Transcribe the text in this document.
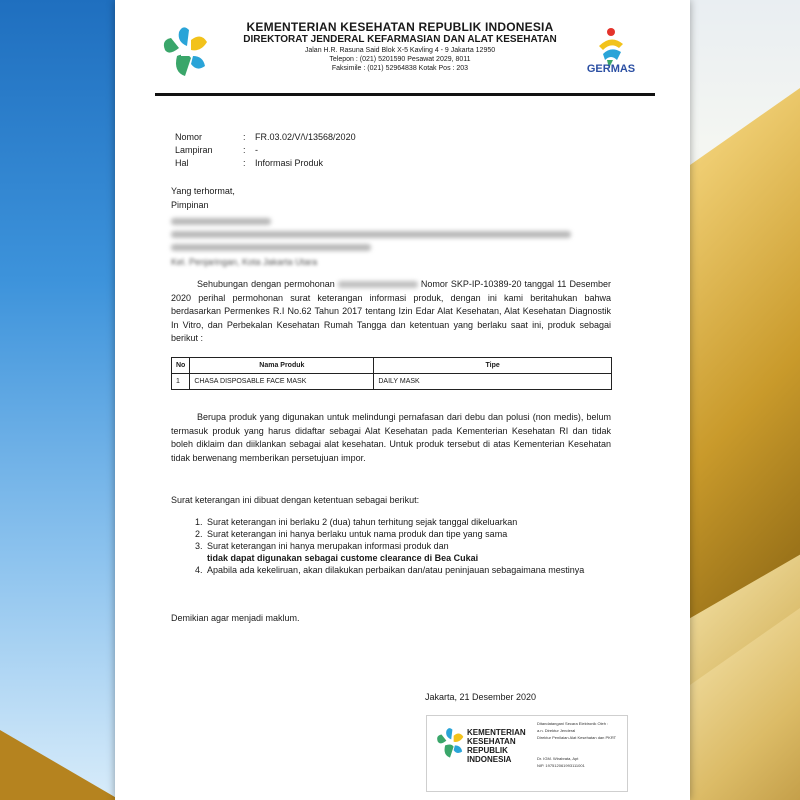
KEMENTERIAN KESEHATAN REPUBLIK INDONESIA
DIREKTORAT JENDERAL KEFARMASIAN DAN ALAT KESEHATAN
Jalan H.R. Rasuna Said Blok X-5 Kavling 4 - 9 Jakarta 12950
Telepon : (021) 5201590 Pesawat 2029, 8011
Faksimile : (021) 52964838 Kotak Pos : 203	GERMAS
Nomor	:	FR.03.02/V/\/13568/2020
Lampiran	:	-
Hal	:	Informasi Produk
Yang terhormat,
Pimpinan
Kel. Penjaringan, Kota Jakarta Utara
Sehubungan dengan permohonan	Nomor SKP-IP-10389-20 tanggal 11 Desember 2020 perihal permohonan surat keterangan informasi produk, dengan ini kami beritahukan bahwa berdasarkan Permenkes R.I No.62 Tahun 2017 tentang Izin Edar Alat Kesehatan, Alat Kesehatan Diagnostik In Vitro, dan Perbekalan Kesehatan Rumah Tangga dan ketentuan yang berlaku saat ini, produk sebagai berikut :
No	Nama Produk	Tipe
1	CHASA DISPOSABLE FACE MASK	DAILY MASK
Berupa produk yang digunakan untuk melindungi pernafasan dari debu dan polusi (non medis), belum termasuk produk yang harus didaftar sebagai Alat Kesehatan pada Kementerian Kesehatan RI dan tidak boleh diklaim dan diiklankan sebagai alat kesehatan. Untuk produk tersebut di atas Kementerian Kesehatan tidak berwenang memberikan persetujuan impor.
Surat keterangan ini dibuat dengan ketentuan sebagai berikut:
1. Surat keterangan ini berlaku 2 (dua) tahun terhitung sejak tanggal dikeluarkan
2. Surat keterangan ini hanya berlaku untuk nama produk dan tipe yang sama
3. Surat keterangan ini hanya merupakan informasi produk dan
tidak dapat digunakan sebagai custome clearance di Bea Cukai
4. Apabila ada kekeliruan, akan dilakukan perbaikan dan/atau peninjauan sebagaimana mestinya
Demikian agar menjadi maklum.
Jakarta, 21 Desember 2020
KEMENTERIAN KESEHATAN REPUBLIK INDONESIA
Ditandatangani Secara Elektronik Oleh :
a.n. Direktur Jenderal
Direktur Penilaian Alat Kesehatan dan PKRT
Dr. IGM. Wirabrata, Apt
NIP. 197512061993111001
